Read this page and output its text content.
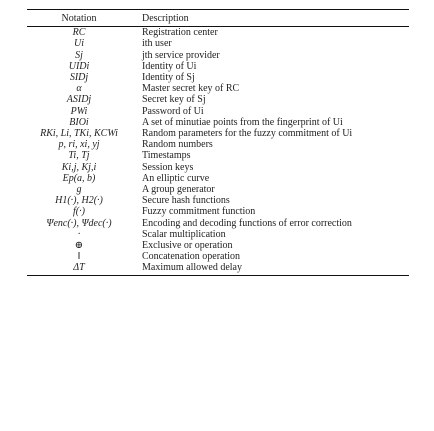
Notation	Description
RC	Registration center
Ui	ith user
Sj	jth service provider
UIDi	Identity of Ui
SIDj	Identity of Sj
α	Master secret key of RC
ASIDj	Secret key of Sj
PWi	Password of Ui
BIOi	A set of minutiae points from the fingerprint of Ui
RKi, Li, TKi, KCWi	Random parameters for the fuzzy commitment of Ui
p, ri, xi, yj	Random numbers
Ti, Tj	Timestamps
Ki,j, Kj,i	Session keys
Ep(a, b)	An elliptic curve
g	A group generator
H1(·), H2(·)	Secure hash functions
f(·)	Fuzzy commitment function
Ψenc(·), Ψdec(·)	Encoding and decoding functions of error correction
·	Scalar multiplication
⊕	Exclusive or operation
‖	Concatenation operation
ΔT	Maximum allowed delay
